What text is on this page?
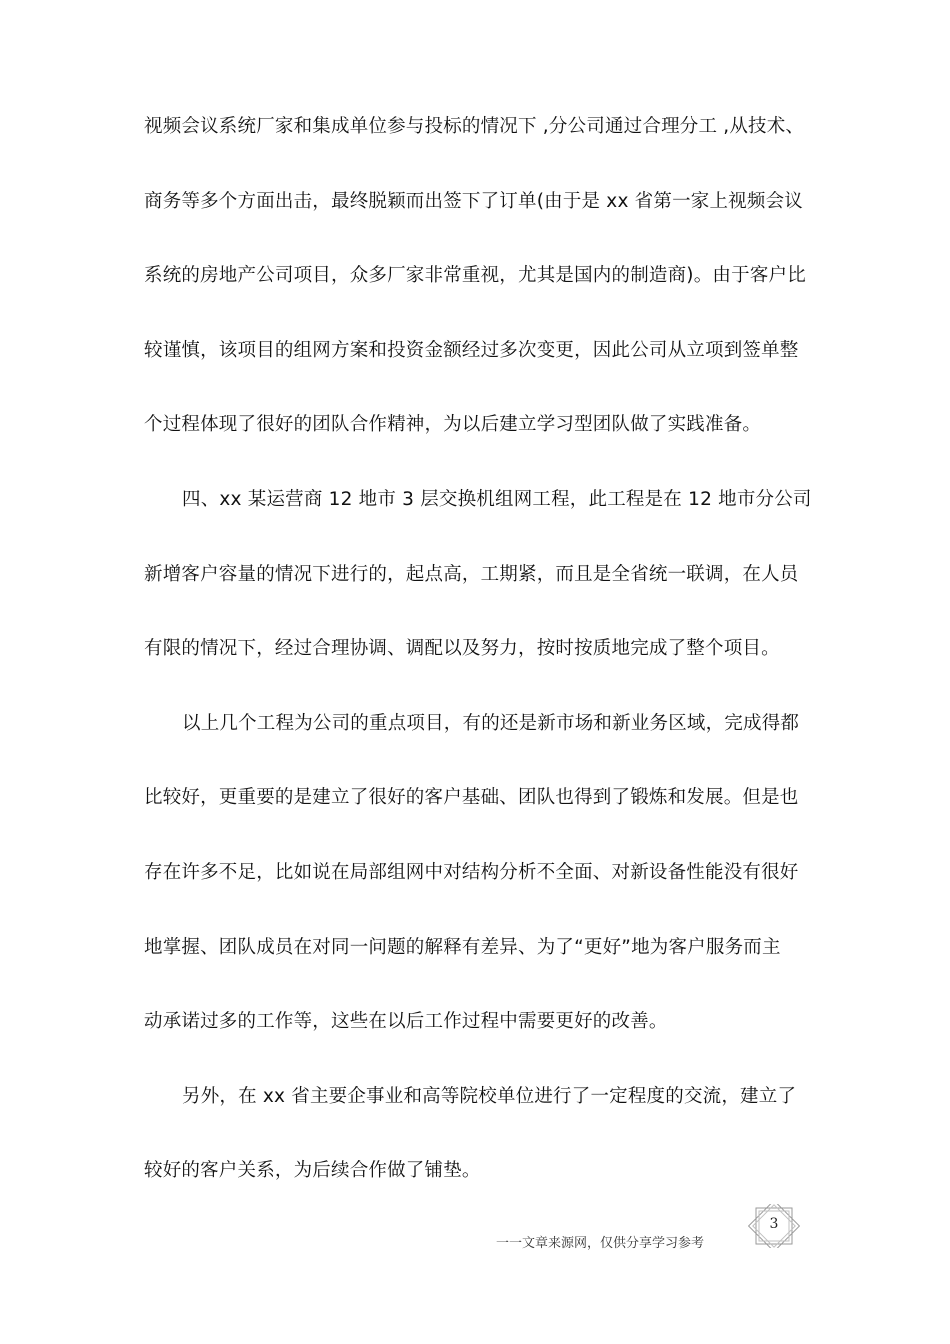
视频会议系统厂家和集成单位参与投标的情况下 ,分公司通过合理分工 ,从技术、
商务等多个方面出击，最终脱颖而出签下了订单(由于是 xx 省第一家上视频会议
系统的房地产公司项目，众多厂家非常重视，尤其是国内的制造商)。由于客户比
较谨慎，该项目的组网方案和投资金额经过多次变更，因此公司从立项到签单整
个过程体现了很好的团队合作精神，为以后建立学习型团队做了实践准备。
四、xx 某运营商 12 地市 3 层交换机组网工程，此工程是在 12 地市分公司
新增客户容量的情况下进行的，起点高，工期紧，而且是全省统一联调，在人员
有限的情况下，经过合理协调、调配以及努力，按时按质地完成了整个项目。
以上几个工程为公司的重点项目，有的还是新市场和新业务区域，完成得都
比较好，更重要的是建立了很好的客户基础、团队也得到了锻炼和发展。但是也
存在许多不足，比如说在局部组网中对结构分析不全面、对新设备性能没有很好
地掌握、团队成员在对同一问题的解释有差异、为了“更好”地为客户服务而主
动承诺过多的工作等，这些在以后工作过程中需要更好的改善。
另外，在 xx 省主要企事业和高等院校单位进行了一定程度的交流，建立了
较好的客户关系，为后续合作做了铺垫。
3
一一文章来源网，仅供分享学习参考
